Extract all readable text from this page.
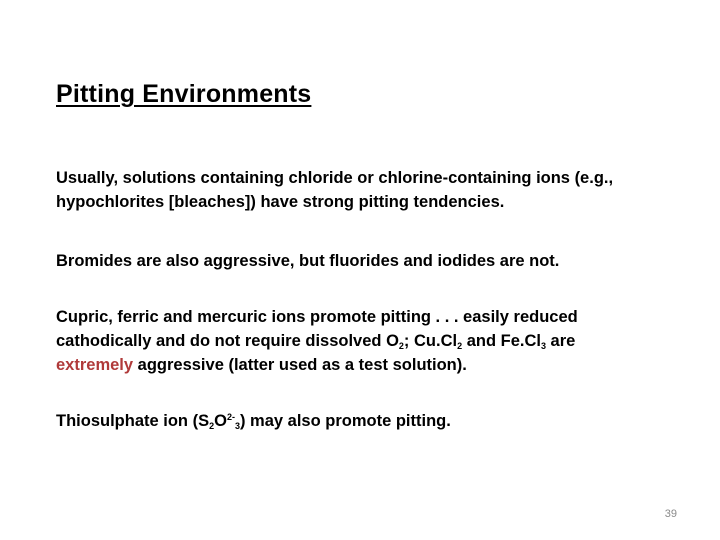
Pitting Environments

Usually, solutions containing chloride or chlorine-containing ions (e.g.,
hypochlorites [bleaches]) have strong pitting tendencies.

Bromides are also aggressive, but fluorides and iodides are not.

Cupric, ferric and mercuric ions promote pitting . . . easily reduced
cathodically and do not require dissolved $O_2$; $Cu.Cl_2$ and $Fe.Cl_3$ are
extremely aggressive (latter used as a test solution).

Thiosulphate ion $(S_2O^{2-}_3)$ may also promote pitting.

39
